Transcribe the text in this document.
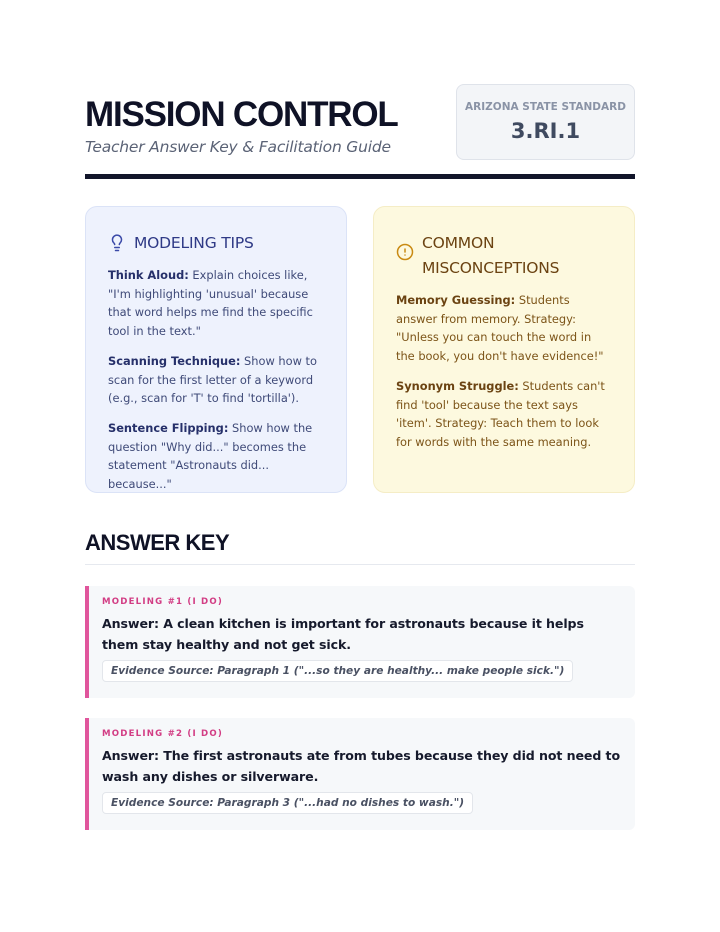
MISSION CONTROL
Teacher Answer Key & Facilitation Guide
ARIZONA STATE STANDARD
3.RI.1
MODELING TIPS

Think Aloud: Explain choices like, "I'm highlighting 'unusual' because that word helps me find the specific tool in the text."

Scanning Technique: Show how to scan for the first letter of a keyword (e.g., scan for 'T' to find 'tortilla').

Sentence Flipping: Show how the question "Why did..." becomes the statement "Astronauts did... because..."

COMMON MISCONCEPTIONS

Memory Guessing: Students answer from memory. Strategy: "Unless you can touch the word in the book, you don't have evidence!"

Synonym Struggle: Students can't find 'tool' because the text says 'item'. Strategy: Teach them to look for words with the same meaning.

ANSWER KEY
MODELING #1 (I DO)
Answer: A clean kitchen is important for astronauts because it helps them stay healthy and not get sick.
Evidence Source: Paragraph 1 ("...so they are healthy... make people sick.")
MODELING #2 (I DO)
Answer: The first astronauts ate from tubes because they did not need to wash any dishes or silverware.
Evidence Source: Paragraph 3 ("...had no dishes to wash.")
